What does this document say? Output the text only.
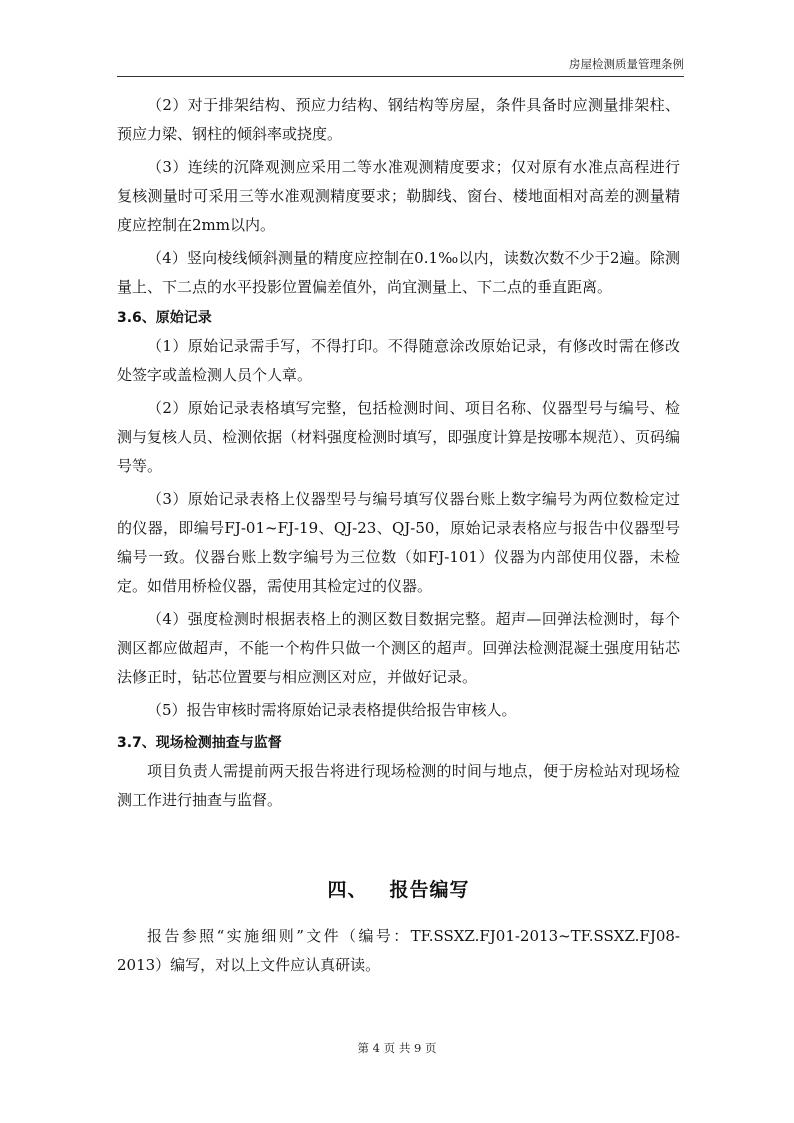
房屋检测质量管理条例

（2）对于排架结构、预应力结构、钢结构等房屋，条件具备时应测量排架柱、预应力梁、钢柱的倾斜率或挠度。

（3）连续的沉降观测应采用二等水准观测精度要求；仅对原有水准点高程进行复核测量时可采用三等水准观测精度要求；勒脚线、窗台、楼地面相对高差的测量精度应控制在2mm以内。

（4）竖向棱线倾斜测量的精度应控制在0.1‰以内，读数次数不少于2遍。除测量上、下二点的水平投影位置偏差值外，尚宜测量上、下二点的垂直距离。

3.6、原始记录

（1）原始记录需手写，不得打印。不得随意涂改原始记录，有修改时需在修改处签字或盖检测人员个人章。

（2）原始记录表格填写完整，包括检测时间、项目名称、仪器型号与编号、检测与复核人员、检测依据（材料强度检测时填写，即强度计算是按哪本规范）、页码编号等。

（3）原始记录表格上仪器型号与编号填写仪器台账上数字编号为两位数检定过的仪器，即编号FJ-01~FJ-19、QJ-23、QJ-50，原始记录表格应与报告中仪器型号编号一致。仪器台账上数字编号为三位数（如FJ-101）仪器为内部使用仪器，未检定。如借用桥检仪器，需使用其检定过的仪器。

（4）强度检测时根据表格上的测区数目数据完整。超声—回弹法检测时，每个测区都应做超声，不能一个构件只做一个测区的超声。回弹法检测混凝土强度用钻芯法修正时，钻芯位置要与相应测区对应，并做好记录。

（5）报告审核时需将原始记录表格提供给报告审核人。

3.7、现场检测抽查与监督

项目负责人需提前两天报告将进行现场检测的时间与地点，便于房检站对现场检测工作进行抽查与监督。

四、 报告编写

报告参照“实施细则”文件（编号：TF.SSXZ.FJ01-2013~TF.SSXZ.FJ08-2013）编写，对以上文件应认真研读。

第 4 页 共 9 页
